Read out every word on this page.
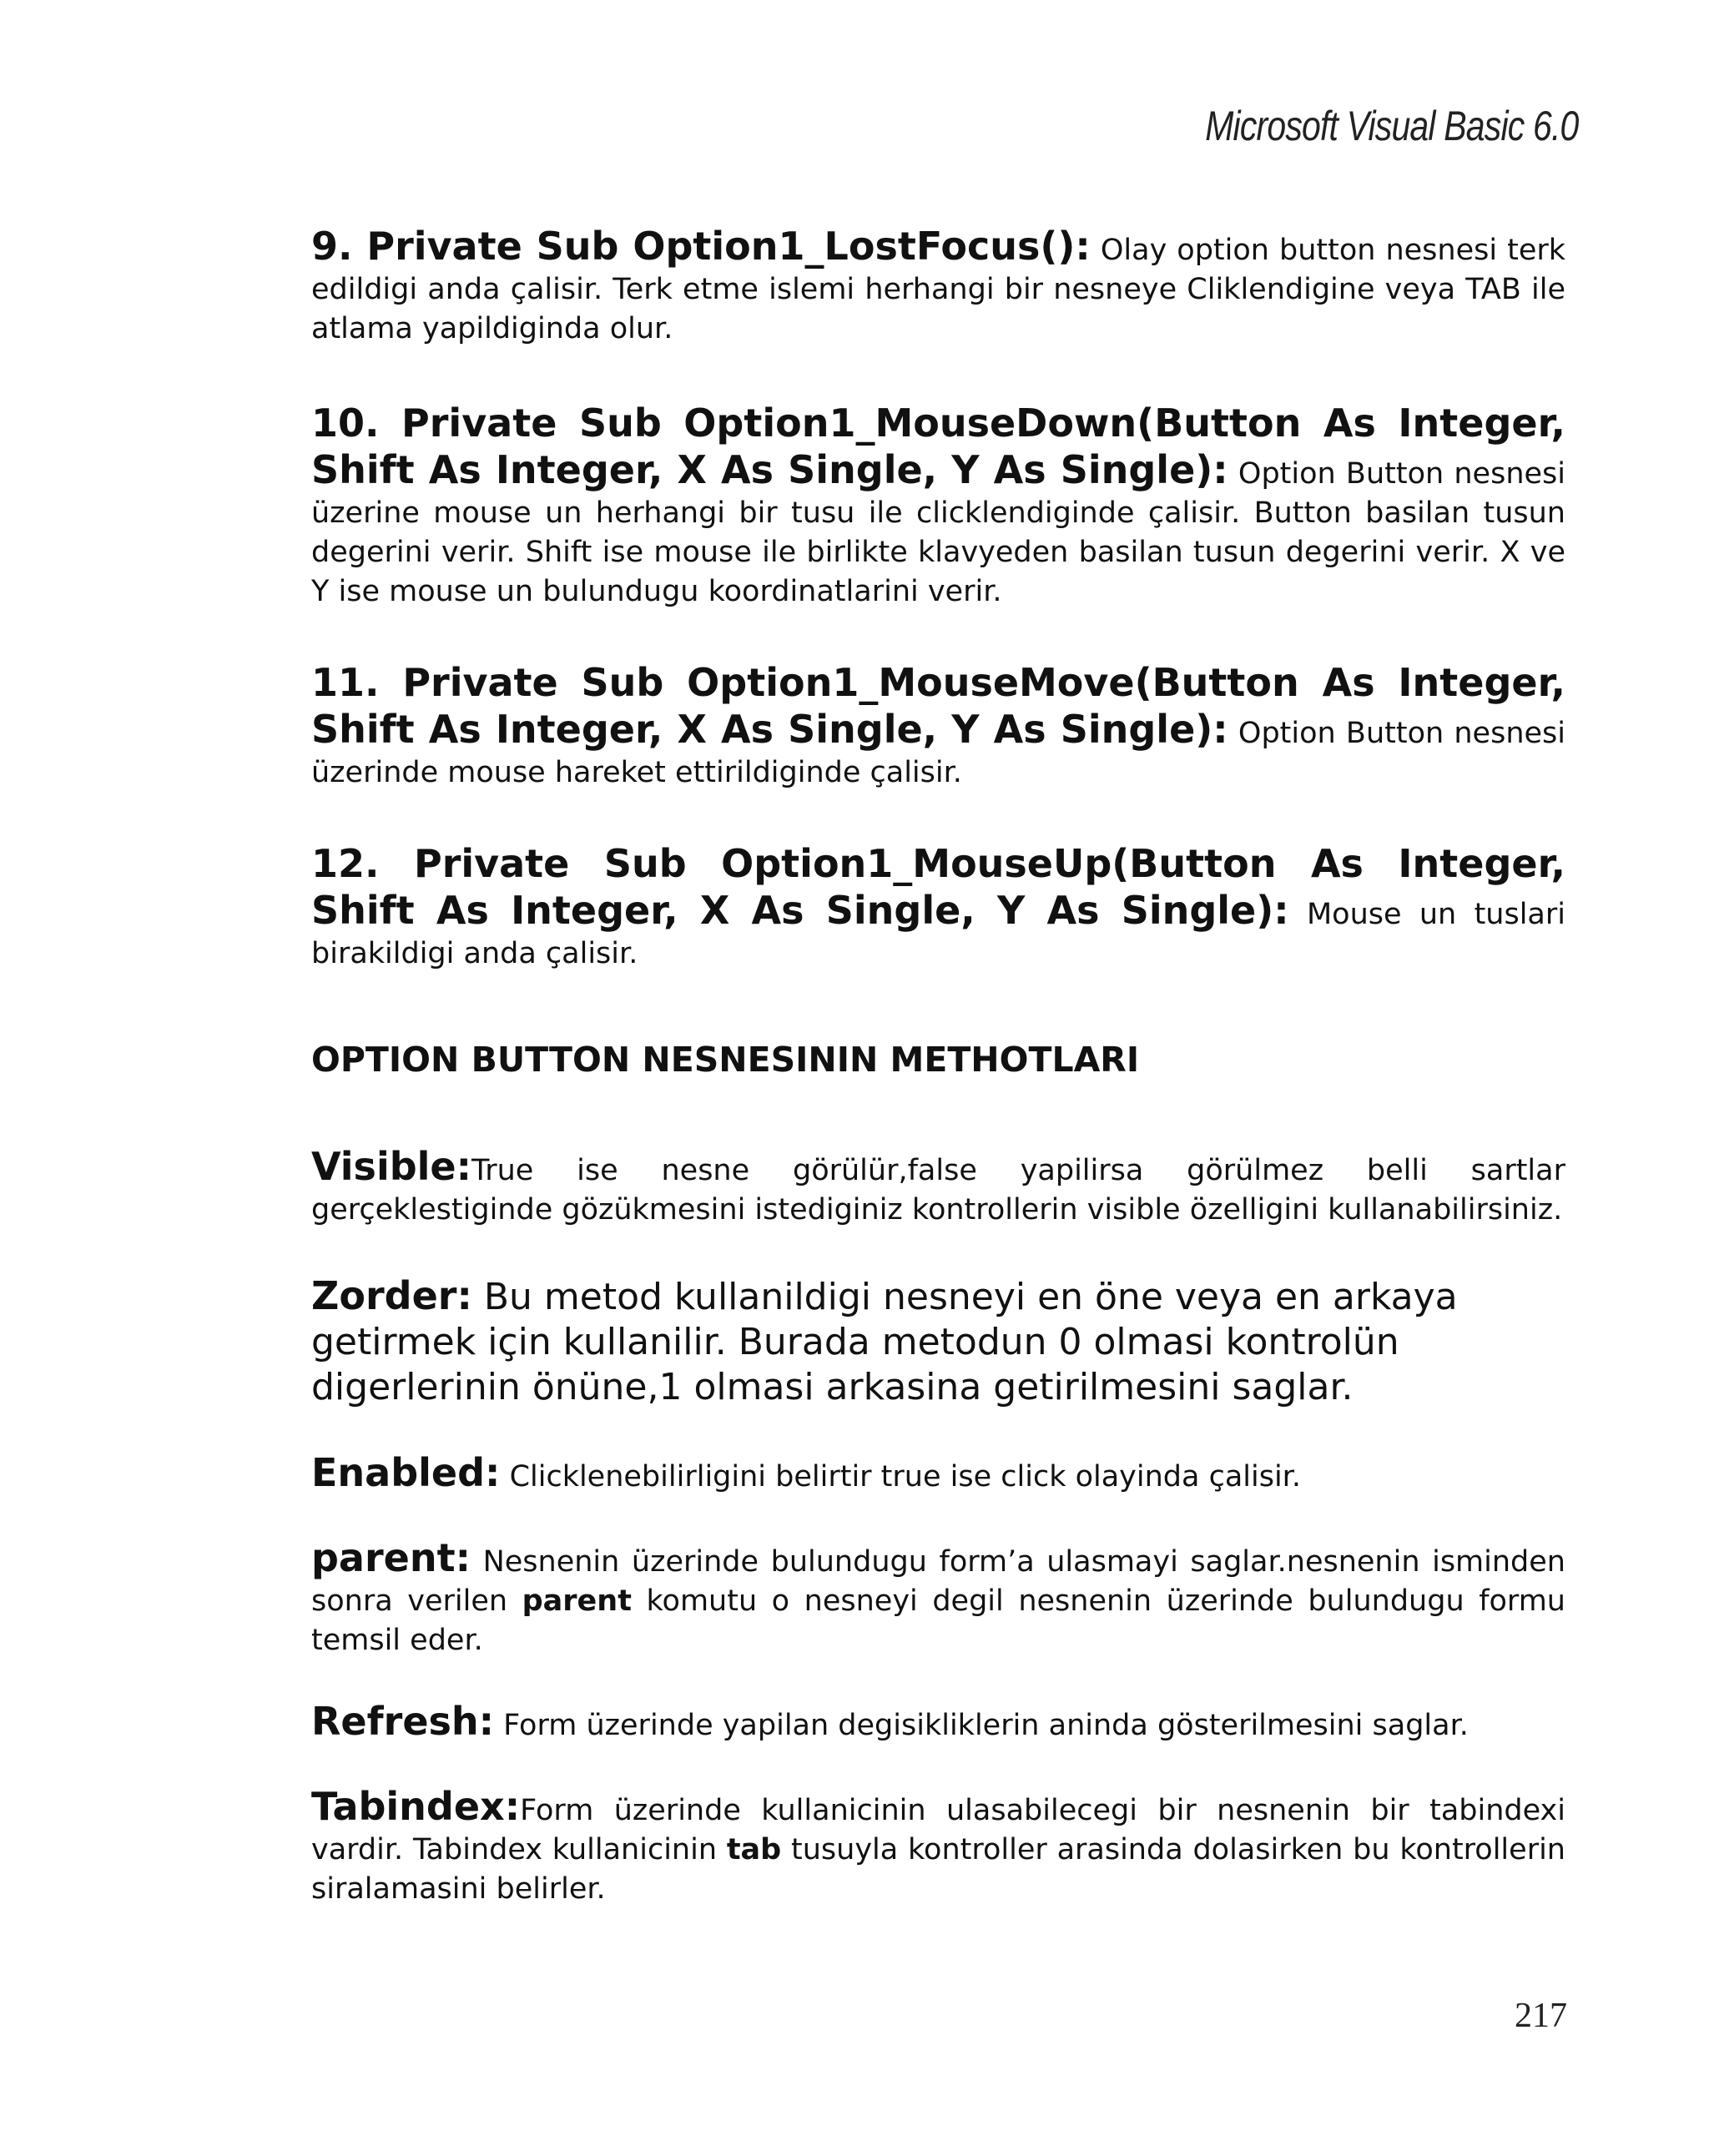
Microsoft Visual Basic 6.0

9. Private Sub Option1_LostFocus(): Olay option button nesnesi terk edildigi anda çalisir. Terk etme islemi herhangi bir nesneye Cliklendigine veya TAB ile atlama yapildiginda olur.

10. Private Sub Option1_MouseDown(Button As Integer, Shift As Integer, X As Single, Y As Single): Option Button nesnesi üzerine mouse un herhangi bir tusu ile clicklendiginde çalisir. Button basilan tusun degerini verir. Shift ise mouse ile birlikte klavyeden basilan tusun degerini verir. X ve Y ise mouse un bulundugu koordinatlarini verir.

11. Private Sub Option1_MouseMove(Button As Integer, Shift As Integer, X As Single, Y As Single): Option Button nesnesi üzerinde mouse hareket ettirildiginde çalisir.

12. Private Sub Option1_MouseUp(Button As Integer, Shift As Integer, X As Single, Y As Single): Mouse un tuslari birakildigi anda çalisir.

OPTION BUTTON NESNESININ METHOTLARI

Visible:True ise nesne görülür,false yapilirsa görülmez belli sartlar gerçeklestiginde gözükmesini istediginiz kontrollerin visible özelligini kullanabilirsiniz.

Zorder: Bu metod kullanildigi nesneyi en öne veya en arkaya getirmek için kullanilir. Burada metodun 0 olmasi kontrolün digerlerinin önüne,1 olmasi arkasina getirilmesini saglar.

Enabled: Clicklenebilirligini belirtir true ise click olayinda çalisir.

parent: Nesnenin üzerinde bulundugu form’a ulasmayi saglar.nesnenin isminden sonra verilen parent komutu o nesneyi degil nesnenin üzerinde bulundugu formu temsil eder.

Refresh: Form üzerinde yapilan degisikliklerin aninda gösterilmesini saglar.

Tabindex:Form üzerinde kullanicinin ulasabilecegi bir nesnenin bir tabindexi vardir. Tabindex kullanicinin tab tusuyla kontroller arasinda dolasirken bu kontrollerin siralamasini belirler.

217
